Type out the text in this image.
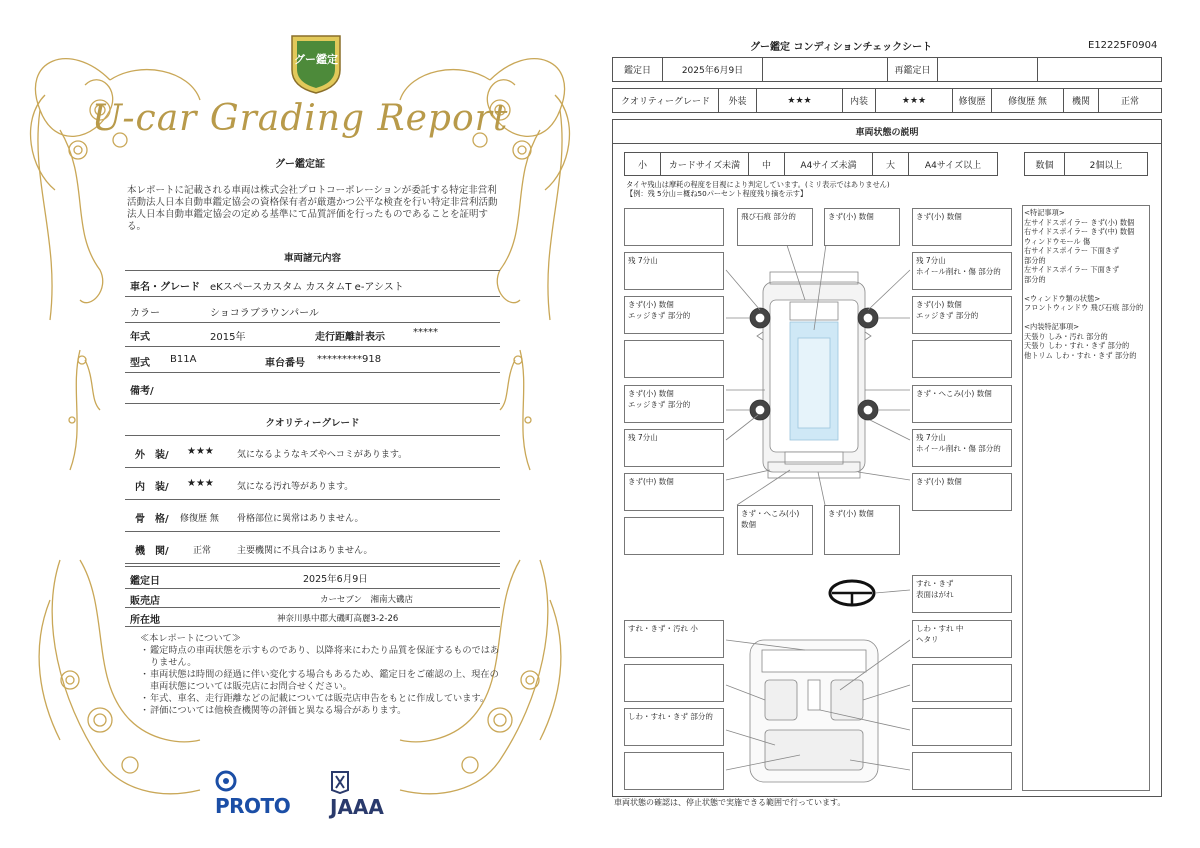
グー鑑定
U-car Grading Report
グー鑑定証
本レポートに記載される車両は株式会社プロトコーポレーションが委託する特定非営利活動法人日本自動車鑑定協会の資格保有者が厳選かつ公平な検査を行い特定非営利活動法人日本自動車鑑定協会の定める基準にて品質評価を行ったものであることを証明する。
車両諸元内容
車名・グレード eKスペースカスタム カスタムT e-アシスト
カラー	ショコラブラウンパール
年式	2015年	走行距離計表示	*****
型式 B11A	車台番号 *********918
備考/
クオリティーグレード
外　装/ ★★★	気になるようなキズやヘコミがあります。
内　装/ ★★★	気になる汚れ等があります。
骨　格/ 修復歴 無 骨格部位に異常はありません。
機　関/	正常	主要機関に不具合はありません。
鑑定日	2025年6月9日
販売店	カーセブン　湘南大磯店
所在地	神奈川県中郡大磯町高麗3-2-26
≪本レポートについて≫
・ 鑑定時点の車両状態を示すものであり、以降将来にわたり品質を保証するものではありません。
・ 車両状態は時間の経過に伴い変化する場合もあるため、鑑定日をご確認の上、現在の車両状態については販売店にお問合せください。
・ 年式、車名、走行距離などの記載については販売店申告をもとに作成しています。
・ 評価については他検査機関等の評価と異なる場合があります。
PROTO JAAA
グー鑑定 コンディションチェックシート	E12225F0904
鑑定日	2025年6月9日	再鑑定日
クオリティーグレード	外装	★★★	内装	★★★	修復歴	修復歴 無	機関	正常
車両状態の説明
小	カードサイズ未満	中	A4サイズ未満	大	A4サイズ以上	数個	2個以上
タイヤ残山は摩耗の程度を目視により判定しています。(ミリ表示ではありません)
【例：残 5分山＝概ね50パーセント程度残り摘を示す】
<特記事項>
左サイドスポイラー きず(小) 数個
右サイドスポイラー きず(中) 数個
ウィンドウモール 傷
右サイドスポイラー 下面きず
部分的
左サイドスポイラー 下面きず
部分的
<ウィンドウ類の状態>
フロントウィンドウ 飛び石痕 部分的
<内装特記事項>
天張り しみ・汚れ 部分的
天張り しわ・すれ・きず 部分的
他トリム しわ・すれ・きず 部分的
飛び石痕 部分的	きず(小) 数個	きず(小) 数個
残 7分山	残 7分山
ホイール削れ・傷 部分的
きず(小) 数個
エッジきず 部分的
きず(小) 数個
エッジきず 部分的
きず(小) 数個
エッジきず 部分的
きず・へこみ(小) 数個
残 7分山	残 7分山
ホイール削れ・傷 部分的
きず(中) 数個	きず(小) 数個
きず・へこみ(小) 数個
きず(小) 数個
すれ・きず
表面はがれ
すれ・きず・汚れ 小	しわ・すれ 中
ヘタリ
しわ・すれ・きず 部分的
車両状態の確認は、停止状態で実施できる範囲で行っています。
